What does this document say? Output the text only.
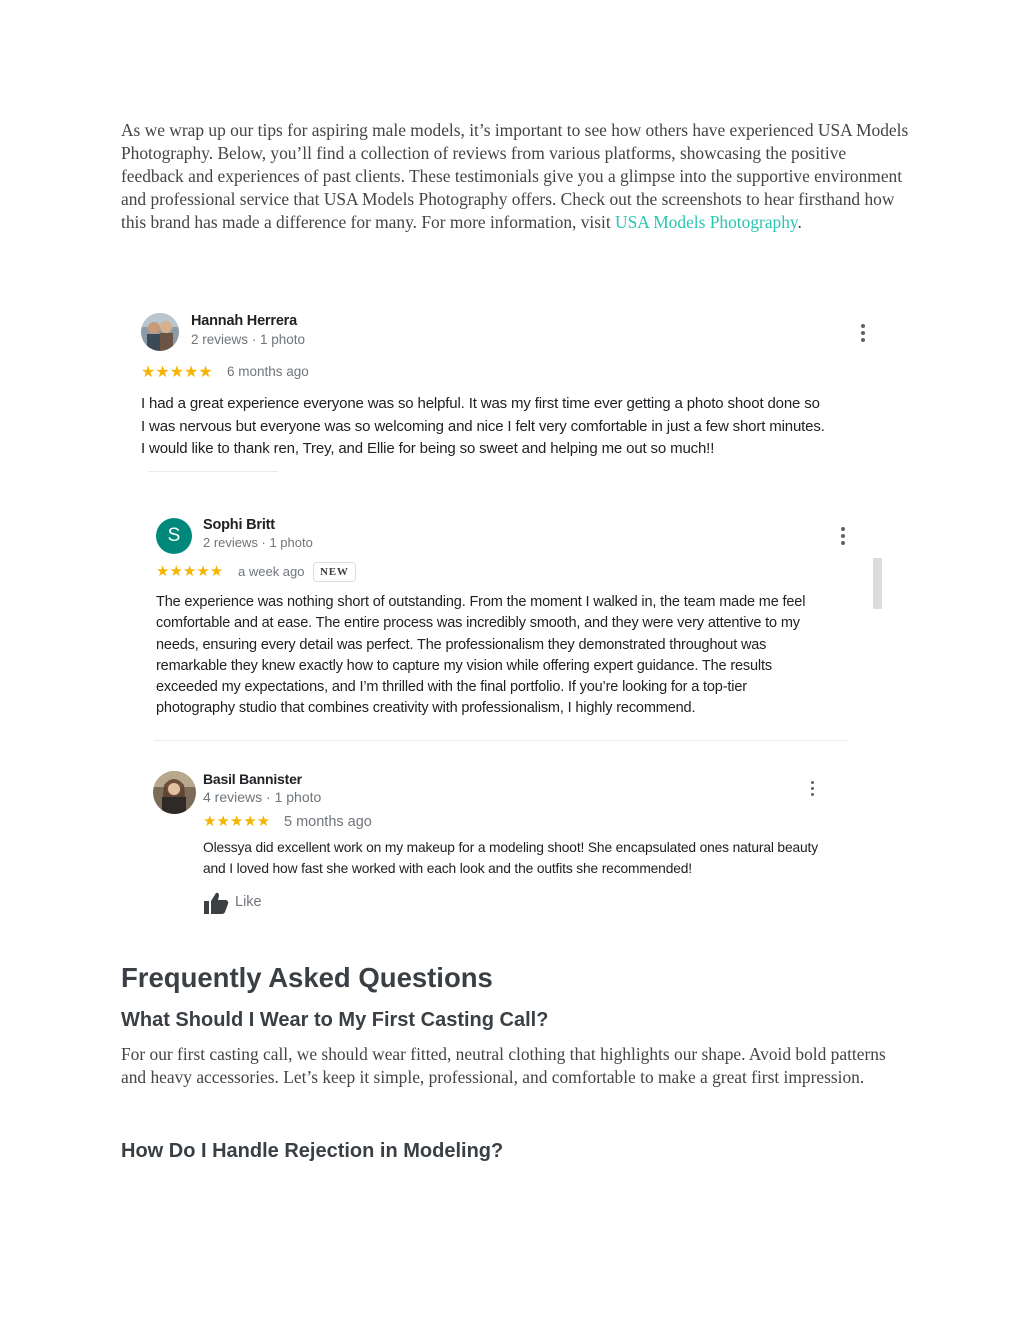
As we wrap up our tips for aspiring male models, it’s important to see how others have experienced USA Models Photography. Below, you’ll find a collection of reviews from various platforms, showcasing the positive feedback and experiences of past clients. These testimonials give you a glimpse into the supportive environment and professional service that USA Models Photography offers. Check out the screenshots to hear firsthand how this brand has made a difference for many. For more information, visit USA Models Photography.

Hannah Herrera
2 reviews · 1 photo
★★★★★ 6 months ago
I had a great experience everyone was so helpful. It was my first time ever getting a photo shoot done so
I was nervous but everyone was so welcoming and nice I felt very comfortable in just a few short minutes.
I would like to thank ren, Trey, and Ellie for being so sweet and helping me out so much!!
S	Sophi Britt
2 reviews · 1 photo
★★★★★ a week ago	NEW
The experience was nothing short of outstanding. From the moment I walked in, the team made me feel
comfortable and at ease. The entire process was incredibly smooth, and they were very attentive to my
needs, ensuring every detail was perfect. The professionalism they demonstrated throughout was
remarkable they knew exactly how to capture my vision while offering expert guidance. The results
exceeded my expectations, and I’m thrilled with the final portfolio. If you’re looking for a top-tier
photography studio that combines creativity with professionalism, I highly recommend.
Basil Bannister
4 reviews · 1 photo
★★★★★ 5 months ago
Olessya did excellent work on my makeup for a modeling shoot! She encapsulated ones natural beauty
and I loved how fast she worked with each look and the outfits she recommended!
Like
Frequently Asked Questions
What Should I Wear to My First Casting Call?

For our first casting call, we should wear fitted, neutral clothing that highlights our shape. Avoid bold patterns and heavy accessories. Let’s keep it simple, professional, and comfortable to make a great first impression.

How Do I Handle Rejection in Modeling?
